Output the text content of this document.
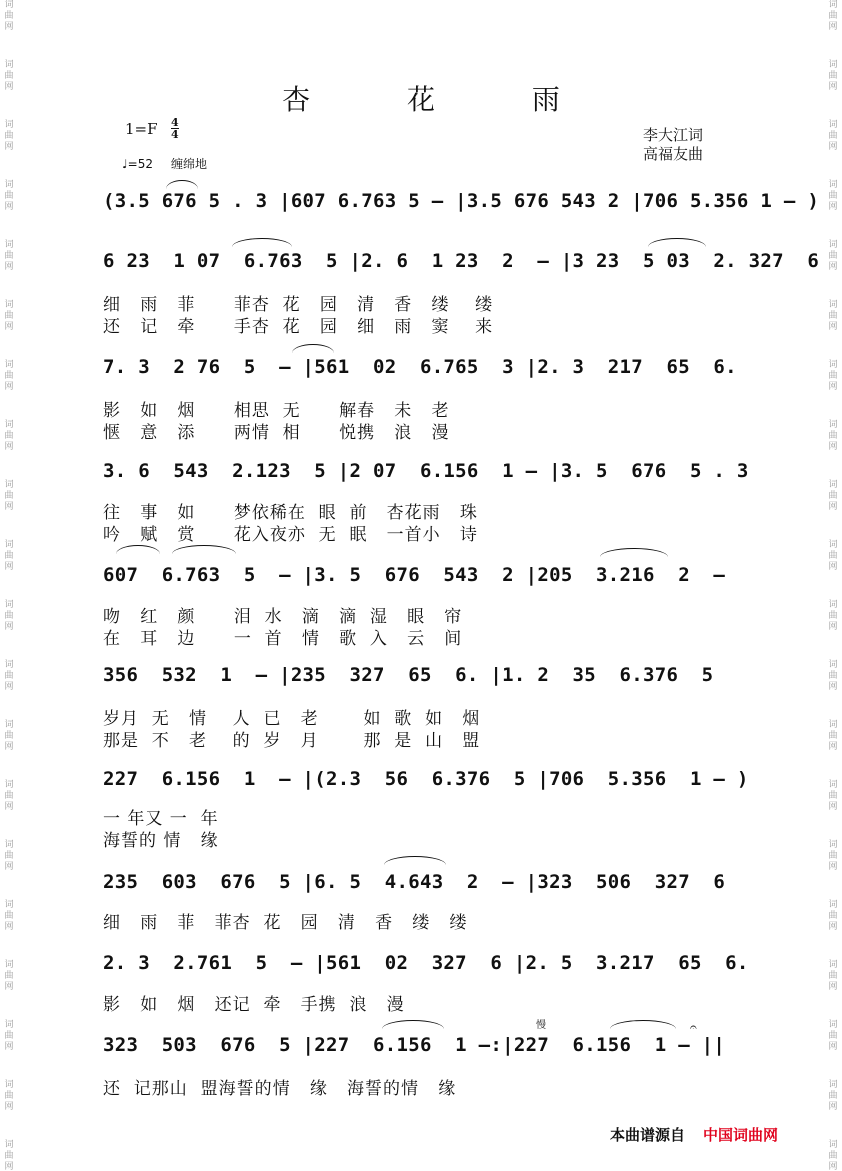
词
曲
网
词
曲
网
词
曲
网
词
曲
网
词
曲
网
词
曲
网
词
曲
网
词
曲
网
词
曲
网
词
曲
网
词
曲
网
词
曲
网
词
曲
网
词
曲
网
词
曲
网
词
曲
网
词
曲
网
词
曲
网
词
曲
网
词
曲
网
词
曲
网
词
曲
网
词
曲
网
词
曲
网
词
曲
网
词
曲
网
词
曲
网
词
曲
网
词
曲
网
词
曲
网
词
曲
网
词
曲
网
词
曲
网
词
曲
网
词
曲
网
词
曲
网
词
曲
网
词
曲
网
词
曲
网
词
曲
网
杏 花 雨
1=F 4
4
♩=52 缠绵地
李大江词
高福友曲
(3.5 676 5 . 3 |607 6.763 5 – |3.5 676 543 2 |706 5.356 1 – )
6 23  1 07  6.763  5 |2. 6  1 23  2  – |3 23  5 03  2. 327  6
细   雨   菲      菲杏  花   园   清   香   缕    缕
还   记   牵      手杏  花   园   细   雨   窦    来
7. 3  2 76  5  – |561  02  6.765  3 |2. 3  217  65  6.
影   如   烟      相思  无      解春   未   老
惬   意   添      两情  相      悦携   浪   漫
3. 6  543  2.123  5 |2 07  6.156  1 – |3. 5  676  5 . 3
往   事   如      梦依稀在  眼  前   杏花雨   珠
吟   赋   赏      花入夜亦  无  眠   一首小   诗
607  6.763  5  – |3. 5  676  543  2 |205  3.216  2  –
吻   红   颜      泪  水   滴   滴  湿   眼   帘
在   耳   边      一  首   情   歌  入   云   间
356  532  1  – |235  327  65  6. |1. 2  35  6.376  5
岁月  无   情    人  已   老       如  歌  如   烟
那是  不   老    的  岁   月       那  是  山   盟
227  6.156  1  – |(2.3  56  6.376  5 |706  5.356  1 – )
一 年又 一  年
海誓的 情   缘
235  603  676  5 |6. 5  4.643  2  – |323  506  327  6
细   雨   菲   菲杏  花   园   清   香   缕   缕
2. 3  2.761  5  – |561  02  327  6 |2. 5  3.217  65  6.
影   如   烟   还记  牵   手携  浪   漫
323  503  676  5 |227  6.156  1 –:|227  6.156  1 – ||
还  记那山  盟海誓的情   缘   海誓的情   缘
慢	𝄐
本曲谱源自 中国词曲网
